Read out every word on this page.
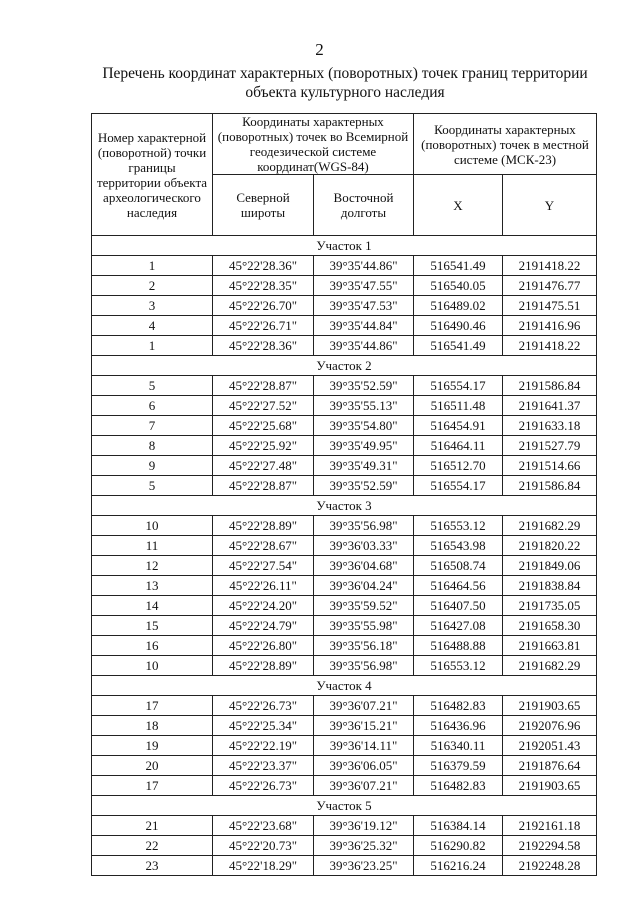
2
Перечень координат характерных (поворотных) точек границ территории
объекта культурного наследия
Номер характерной (поворотной) точки границы территории объекта археологического наследия	Координаты характерных (поворотных) точек во Всемирной геодезической системе координат(WGS-84)		Координаты характерных (поворотных) точек в местной системе (МСК-23)	
	Северной широты	Восточной долготы	X	Y
Участок 1				
1	45°22'28.36"	39°35'44.86"	516541.49	2191418.22
2	45°22'28.35"	39°35'47.55"	516540.05	2191476.77
3	45°22'26.70"	39°35'47.53"	516489.02	2191475.51
4	45°22'26.71"	39°35'44.84"	516490.46	2191416.96
1	45°22'28.36"	39°35'44.86"	516541.49	2191418.22
Участок 2				
5	45°22'28.87"	39°35'52.59"	516554.17	2191586.84
6	45°22'27.52"	39°35'55.13"	516511.48	2191641.37
7	45°22'25.68"	39°35'54.80"	516454.91	2191633.18
8	45°22'25.92"	39°35'49.95"	516464.11	2191527.79
9	45°22'27.48"	39°35'49.31"	516512.70	2191514.66
5	45°22'28.87"	39°35'52.59"	516554.17	2191586.84
Участок 3				
10	45°22'28.89"	39°35'56.98"	516553.12	2191682.29
11	45°22'28.67"	39°36'03.33"	516543.98	2191820.22
12	45°22'27.54"	39°36'04.68"	516508.74	2191849.06
13	45°22'26.11"	39°36'04.24"	516464.56	2191838.84
14	45°22'24.20"	39°35'59.52"	516407.50	2191735.05
15	45°22'24.79"	39°35'55.98"	516427.08	2191658.30
16	45°22'26.80"	39°35'56.18"	516488.88	2191663.81
10	45°22'28.89"	39°35'56.98"	516553.12	2191682.29
Участок 4				
17	45°22'26.73"	39°36'07.21"	516482.83	2191903.65
18	45°22'25.34"	39°36'15.21"	516436.96	2192076.96
19	45°22'22.19"	39°36'14.11"	516340.11	2192051.43
20	45°22'23.37"	39°36'06.05"	516379.59	2191876.64
17	45°22'26.73"	39°36'07.21"	516482.83	2191903.65
Участок 5				
21	45°22'23.68"	39°36'19.12"	516384.14	2192161.18
22	45°22'20.73"	39°36'25.32"	516290.82	2192294.58
23	45°22'18.29"	39°36'23.25"	516216.24	2192248.28
